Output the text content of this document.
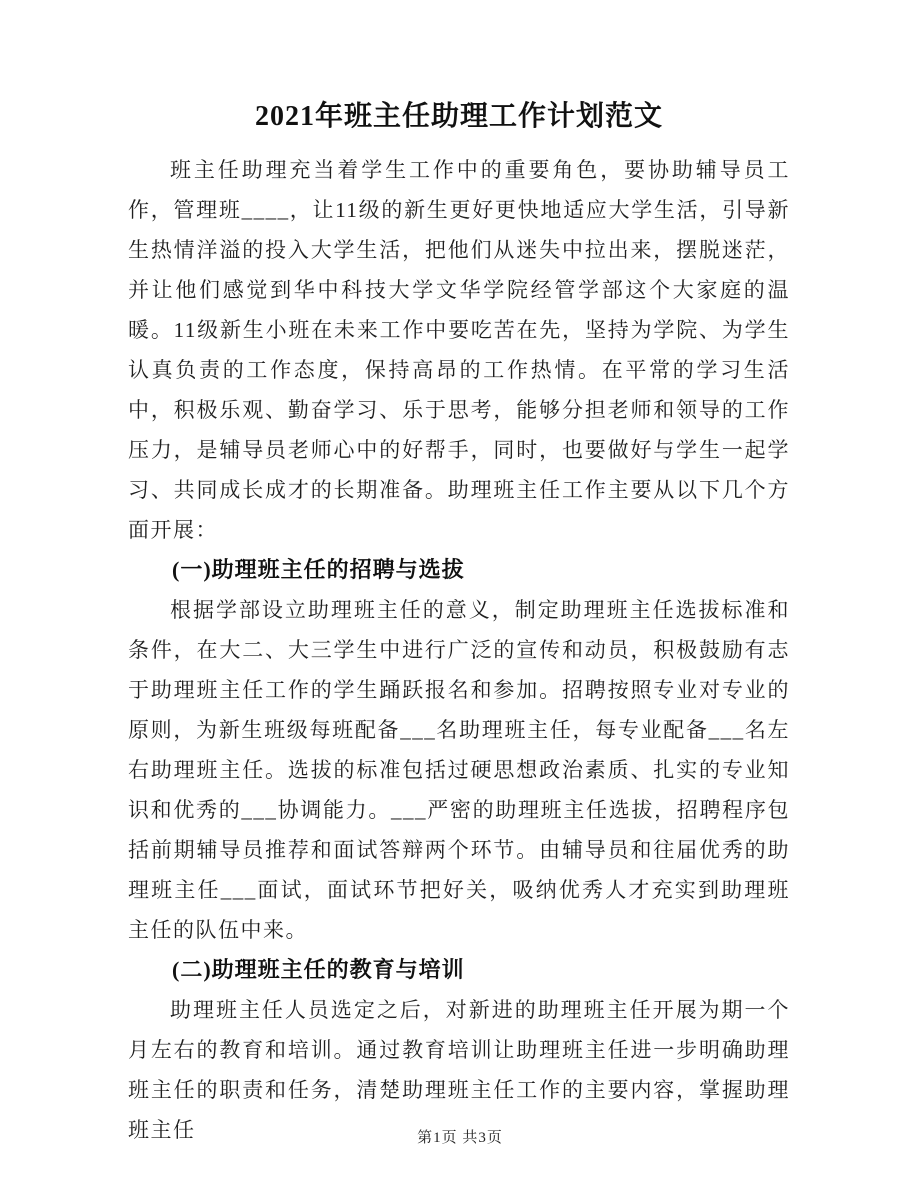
2021年班主任助理工作计划范文

班主任助理充当着学生工作中的重要角色，要协助辅导员工作，管理班____，让11级的新生更好更快地适应大学生活，引导新生热情洋溢的投入大学生活，把他们从迷失中拉出来，摆脱迷茫，并让他们感觉到华中科技大学文华学院经管学部这个大家庭的温暖。11级新生小班在未来工作中要吃苦在先，坚持为学院、为学生认真负责的工作态度，保持高昂的工作热情。在平常的学习生活中，积极乐观、勤奋学习、乐于思考，能够分担老师和领导的工作压力，是辅导员老师心中的好帮手，同时，也要做好与学生一起学习、共同成长成才的长期准备。助理班主任工作主要从以下几个方面开展：

(一)助理班主任的招聘与选拔

根据学部设立助理班主任的意义，制定助理班主任选拔标准和条件，在大二、大三学生中进行广泛的宣传和动员，积极鼓励有志于助理班主任工作的学生踊跃报名和参加。招聘按照专业对专业的原则，为新生班级每班配备___名助理班主任，每专业配备___名左右助理班主任。选拔的标准包括过硬思想政治素质、扎实的专业知识和优秀的___协调能力。___严密的助理班主任选拔，招聘程序包括前期辅导员推荐和面试答辩两个环节。由辅导员和往届优秀的助理班主任___面试，面试环节把好关，吸纳优秀人才充实到助理班主任的队伍中来。

(二)助理班主任的教育与培训

助理班主任人员选定之后，对新进的助理班主任开展为期一个月左右的教育和培训。通过教育培训让助理班主任进一步明确助理班主任的职责和任务，清楚助理班主任工作的主要内容，掌握助理班主任	第1页 共3页
